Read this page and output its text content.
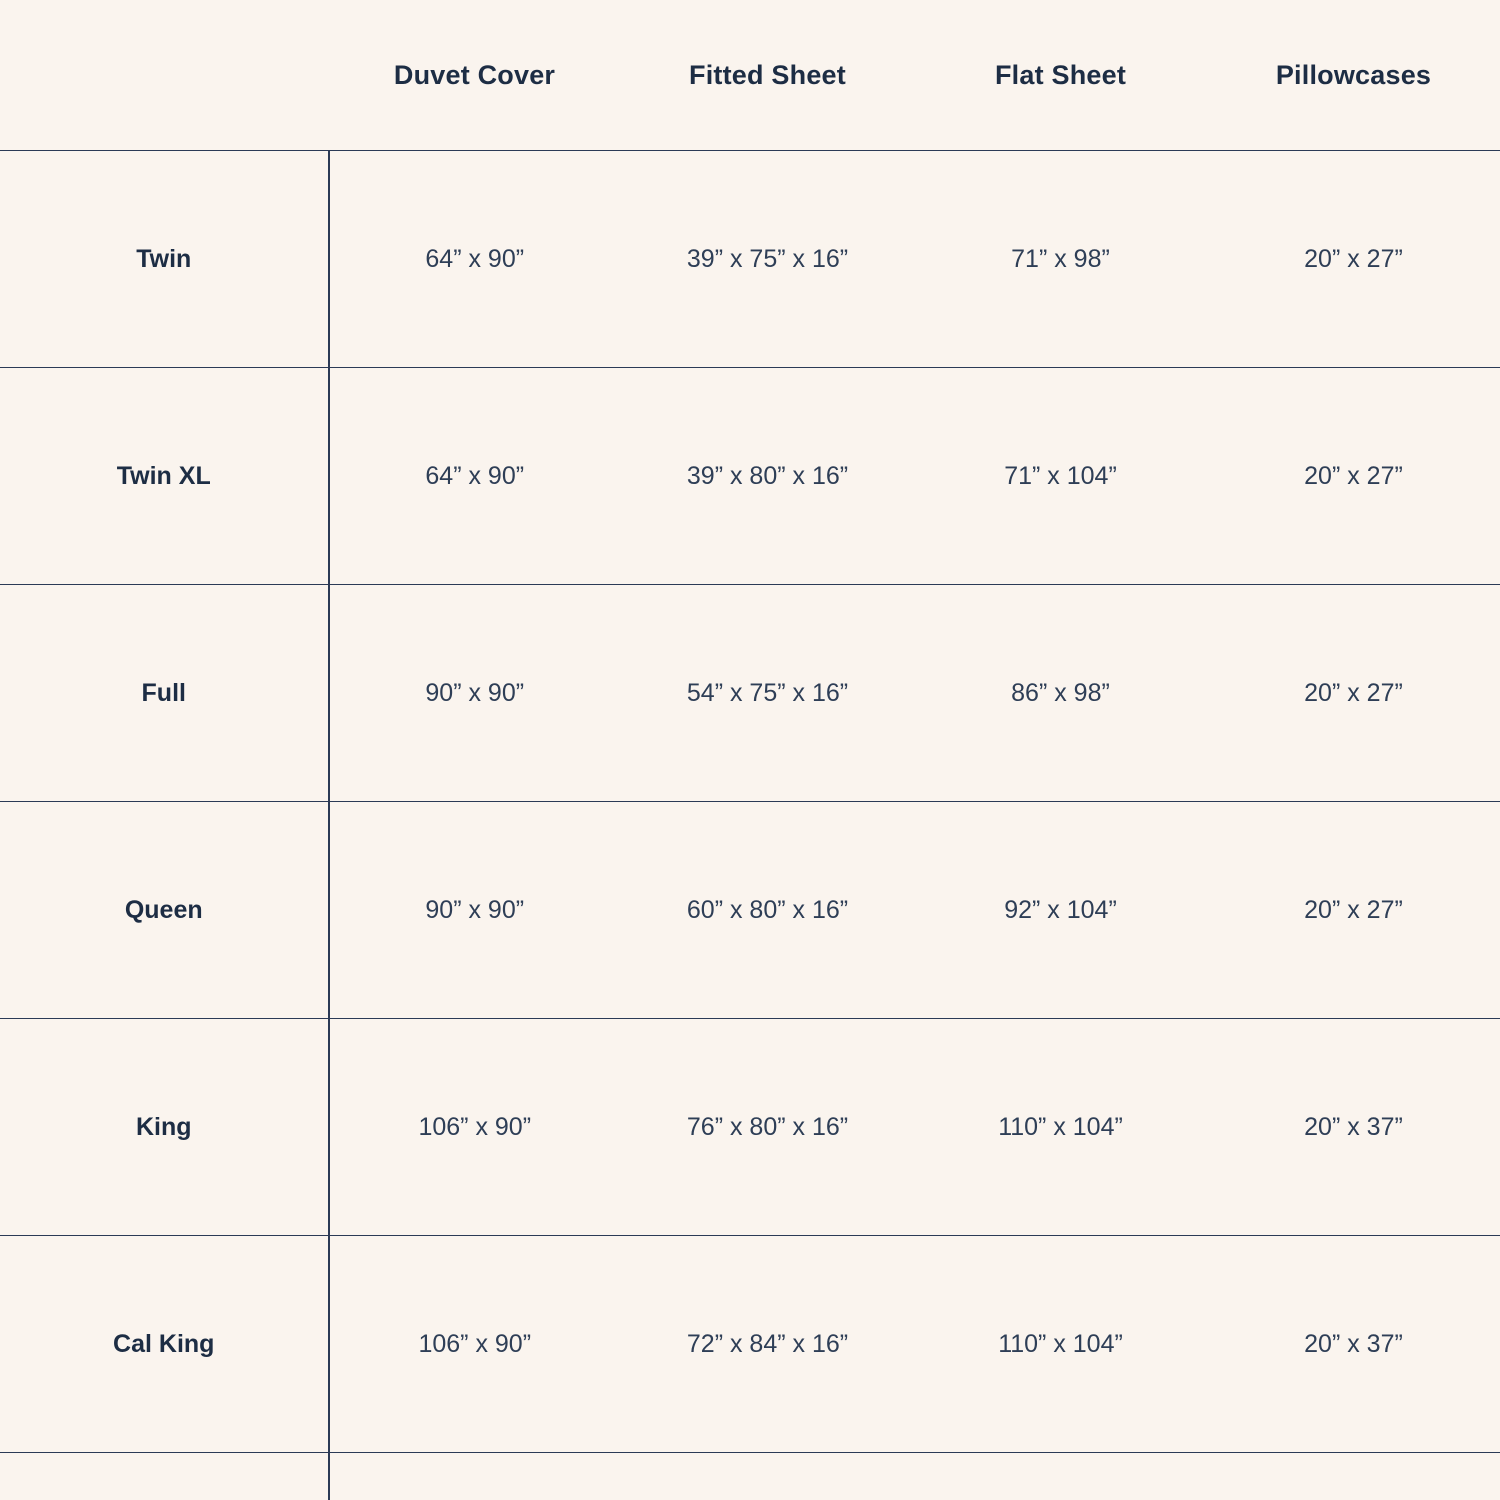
	Duvet Cover	Fitted Sheet	Flat Sheet	Pillowcases
Twin	64” x 90”	39” x 75” x 16”	71” x 98”	20” x 27”
Twin XL	64” x 90”	39” x 80” x 16”	71” x 104”	20” x 27”
Full	90” x 90”	54” x 75” x 16”	86” x 98”	20” x 27”
Queen	90” x 90”	60” x 80” x 16”	92” x 104”	20” x 27”
King	106” x 90”	76” x 80” x 16”	110” x 104”	20” x 37”
Cal King	106” x 90”	72” x 84” x 16”	110” x 104”	20” x 37”
